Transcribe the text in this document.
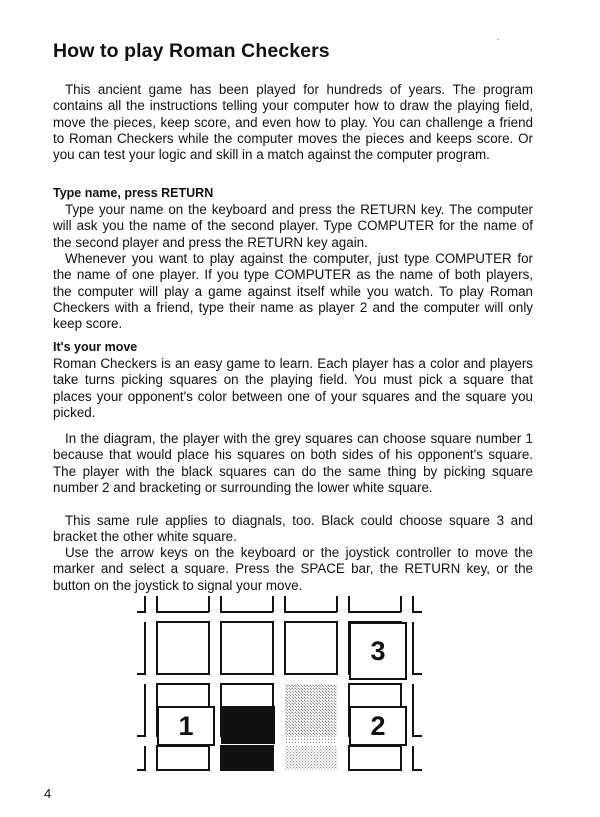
How to play Roman Checkers

This ancient game has been played for hundreds of years. The program contains all the instructions telling your computer how to draw the playing field, move the pieces, keep score, and even how to play. You can challenge a friend to Roman Checkers while the computer moves the pieces and keeps score. Or you can test your logic and skill in a match against the computer program.

Type name, press RETURN

Type your name on the keyboard and press the RETURN key. The computer will ask you the name of the second player. Type COMPUTER for the name of the second player and press the RETURN key again.

Whenever you want to play against the computer, just type COMPUTER for the name of one player. If you type COMPUTER as the name of both players, the computer will play a game against itself while you watch. To play Roman Checkers with a friend, type their name as player 2 and the computer will only keep score.

It's your move

Roman Checkers is an easy game to learn. Each player has a color and players take turns picking squares on the playing field. You must pick a square that places your opponent's color between one of your squares and the square you picked.

In the diagram, the player with the grey squares can choose square number 1 because that would place his squares on both sides of his opponent's square. The player with the black squares can do the same thing by picking square number 2 and bracketing or surrounding the lower white square.

This same rule applies to diagnals, too. Black could choose square 3 and bracket the other white square.

Use the arrow keys on the keyboard or the joystick controller to move the marker and select a square. Press the SPACE bar, the RETURN key, or the button on the joystick to signal your move.

3
1	2
4
